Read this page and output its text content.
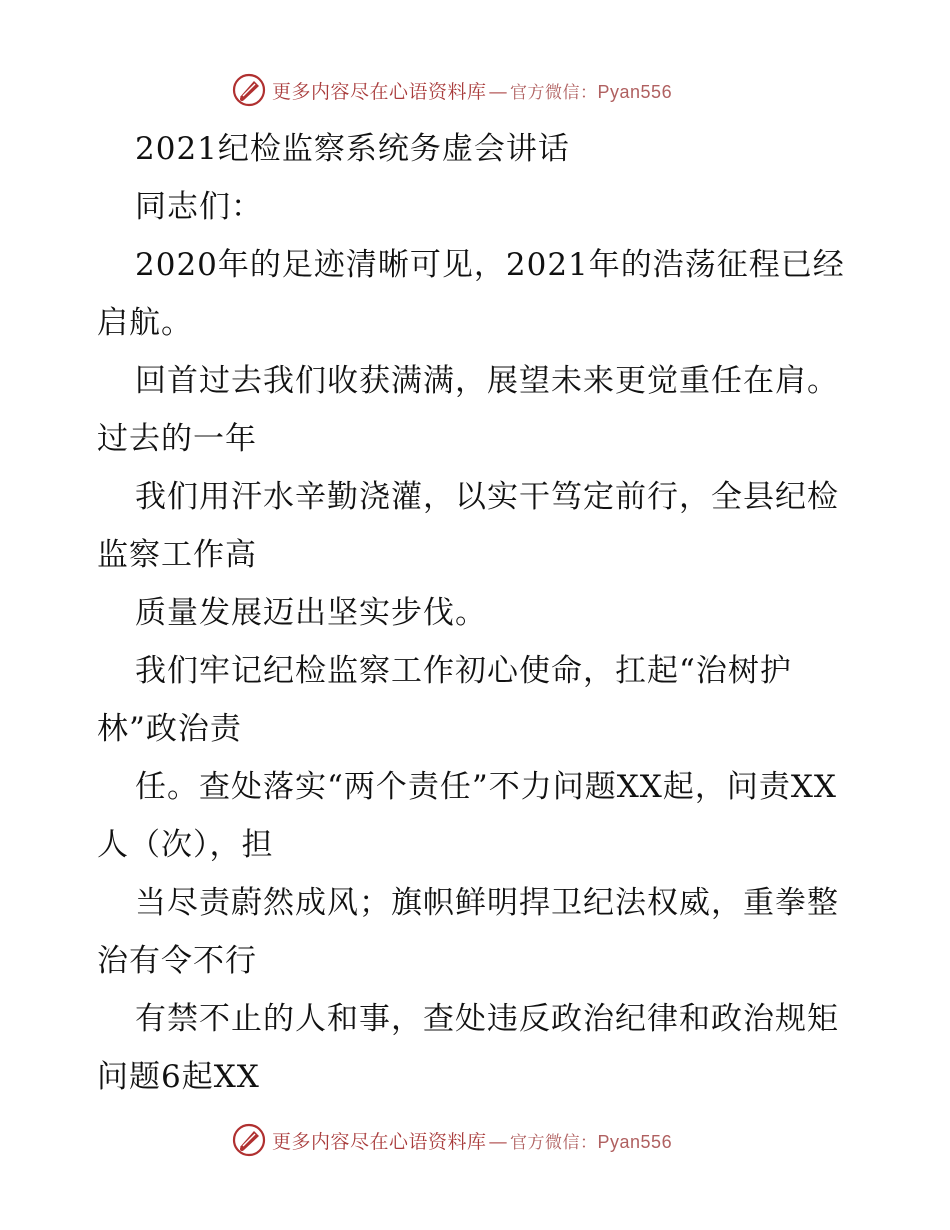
更多内容尽在心语资料库 — 官方微信：Pyan556

2021纪检监察系统务虚会讲话

同志们：

2020年的足迹清晰可见，2021年的浩荡征程已经启航。

回首过去我们收获满满，展望未来更觉重任在肩。过去的一年

我们用汗水辛勤浇灌，以实干笃定前行，全县纪检监察工作高

质量发展迈出坚实步伐。

我们牢记纪检监察工作初心使命，扛起“治树护林”政治责

任。查处落实“两个责任”不力问题XX起，问责XX人（次），担

当尽责蔚然成风；旗帜鲜明捍卫纪法权威，重拳整治有令不行

有禁不止的人和事，查处违反政治纪律和政治规矩问题6起XX

更多内容尽在心语资料库 — 官方微信：Pyan556
